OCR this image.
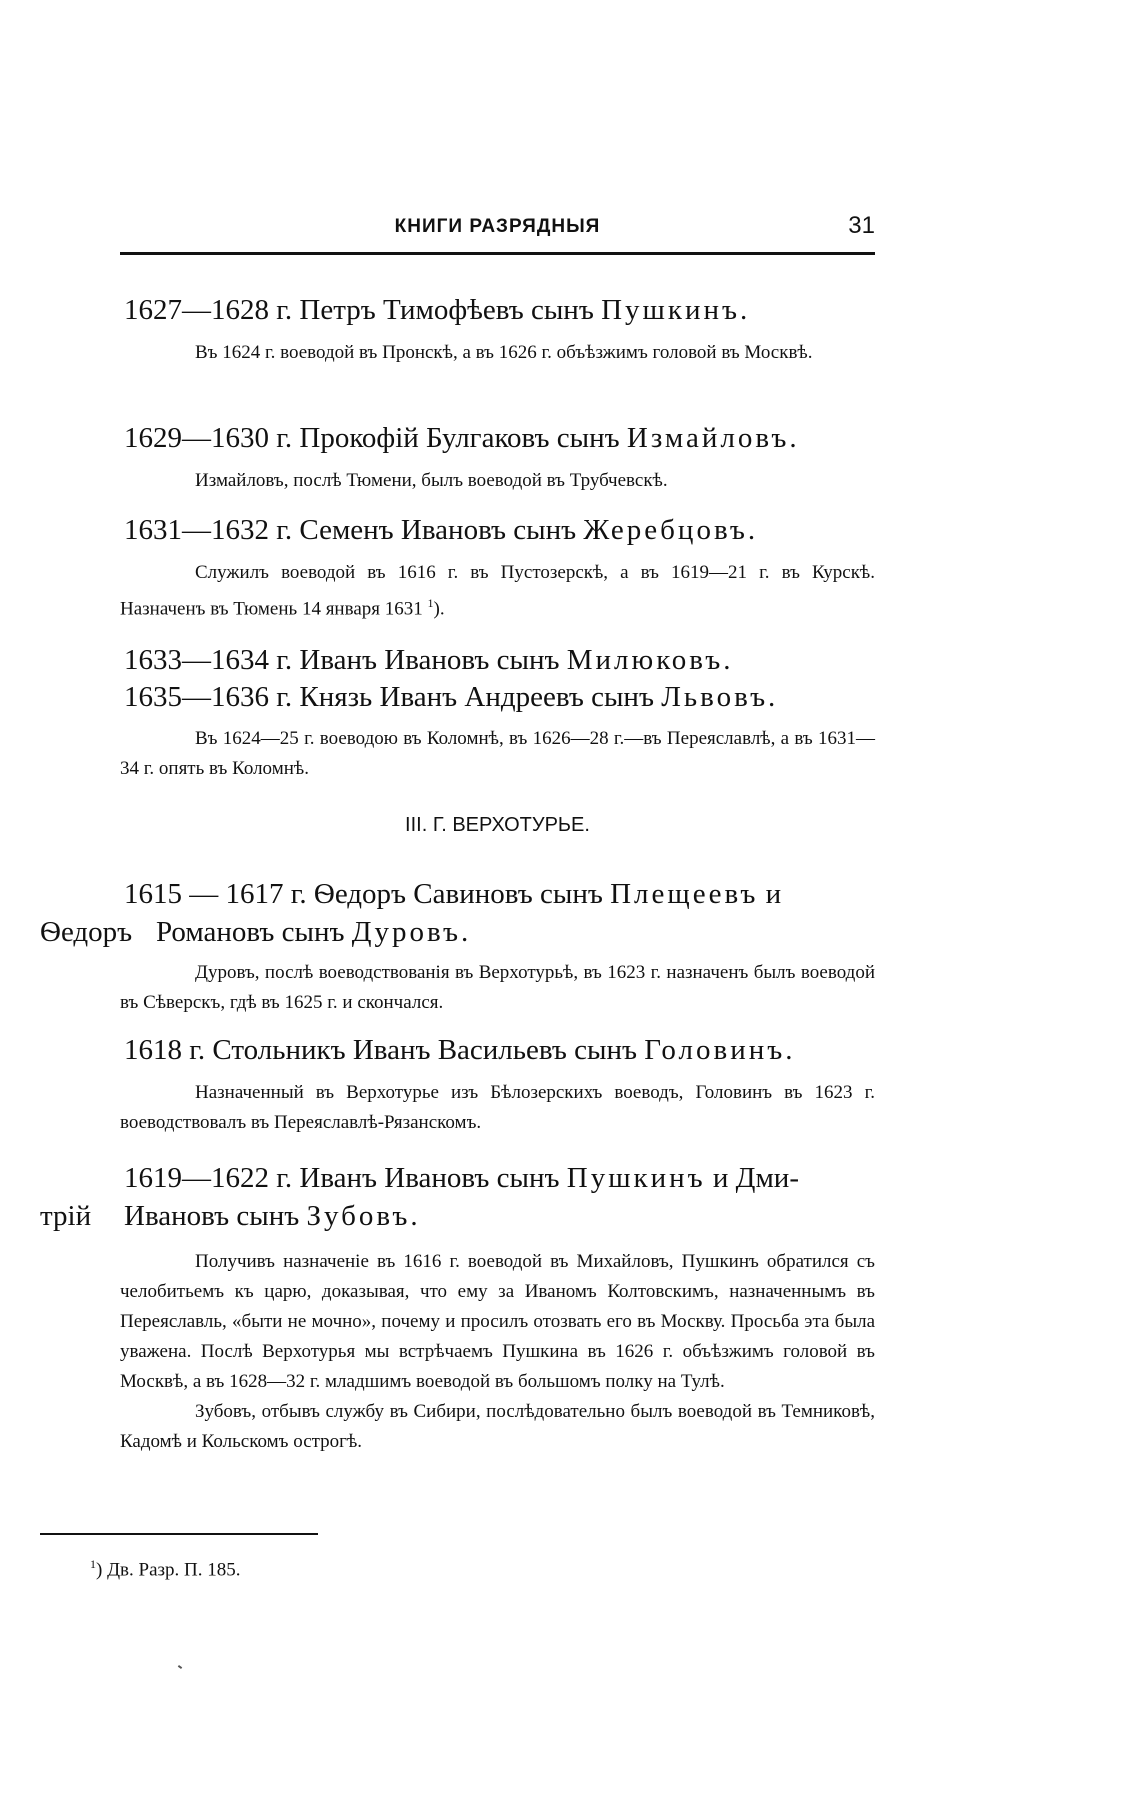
КНИГИ РАЗРЯДНЫЯ	31
1627—1628 г. Петръ Тимофѣевъ сынъ Пушкинъ.

Въ 1624 г. воеводой въ Пронскѣ, а въ 1626 г. объѣзжимъ головой въ Москвѣ.

1629—1630 г. Прокофій Булгаковъ сынъ Измайловъ.

Измайловъ, послѣ Тюмени, былъ воеводой въ Трубчевскѣ.

1631—1632 г. Семенъ Ивановъ сынъ Жеребцовъ.

Служилъ воеводой въ 1616 г. въ Пустозерскѣ, а въ 1619—21 г. въ Курскѣ. Назначенъ въ Тюмень 14 января 1631 $^1$).

1633—1634 г. Иванъ Ивановъ сынъ Милюковъ.
1635—1636 г. Князь Иванъ Андреевъ сынъ Львовъ.

Въ 1624—25 г. воеводою въ Коломнѣ, въ 1626—28 г.—въ Переяславлѣ, а въ 1631—34 г. опять въ Коломнѣ.

III. Г. ВЕРХОТУРЬЕ.
1615 — 1617 г. Ѳедоръ Савиновъ сынъ Плещеевъ и
Ѳедоръ Романовъ сынъ Дуровъ.

Дуровъ, послѣ воеводствованія въ Верхотурьѣ, въ 1623 г. назначенъ былъ воеводой въ Сѣверскъ, гдѣ въ 1625 г. и скончался.

1618 г. Стольникъ Иванъ Васильевъ сынъ Головинъ.

Назначенный въ Верхотурье изъ Бѣлозерскихъ воеводъ, Головинъ въ 1623 г. воеводствовалъ въ Переяславлѣ-Рязанскомъ.

1619—1622 г. Иванъ Ивановъ сынъ Пушкинъ и Дми-
трій Ивановъ сынъ Зубовъ.

Получивъ назначеніе въ 1616 г. воеводой въ Михайловъ, Пушкинъ обратился съ челобитьемъ къ царю, доказывая, что ему за Иваномъ Колтовскимъ, назначеннымъ въ Переяславль, «быти не мочно», почему и просилъ отозвать его въ Москву. Просьба эта была уважена. Послѣ Верхотурья мы встрѣчаемъ Пушкина въ 1626 г. объѣзжимъ головой въ Москвѣ, а въ 1628—32 г. младшимъ воеводой въ большомъ полку на Тулѣ.

Зубовъ, отбывъ службу въ Сибири, послѣдовательно былъ воеводой въ Темниковѣ, Кадомѣ и Кольскомъ острогѣ.

$^1$) Дв. Разр. П. 185.
